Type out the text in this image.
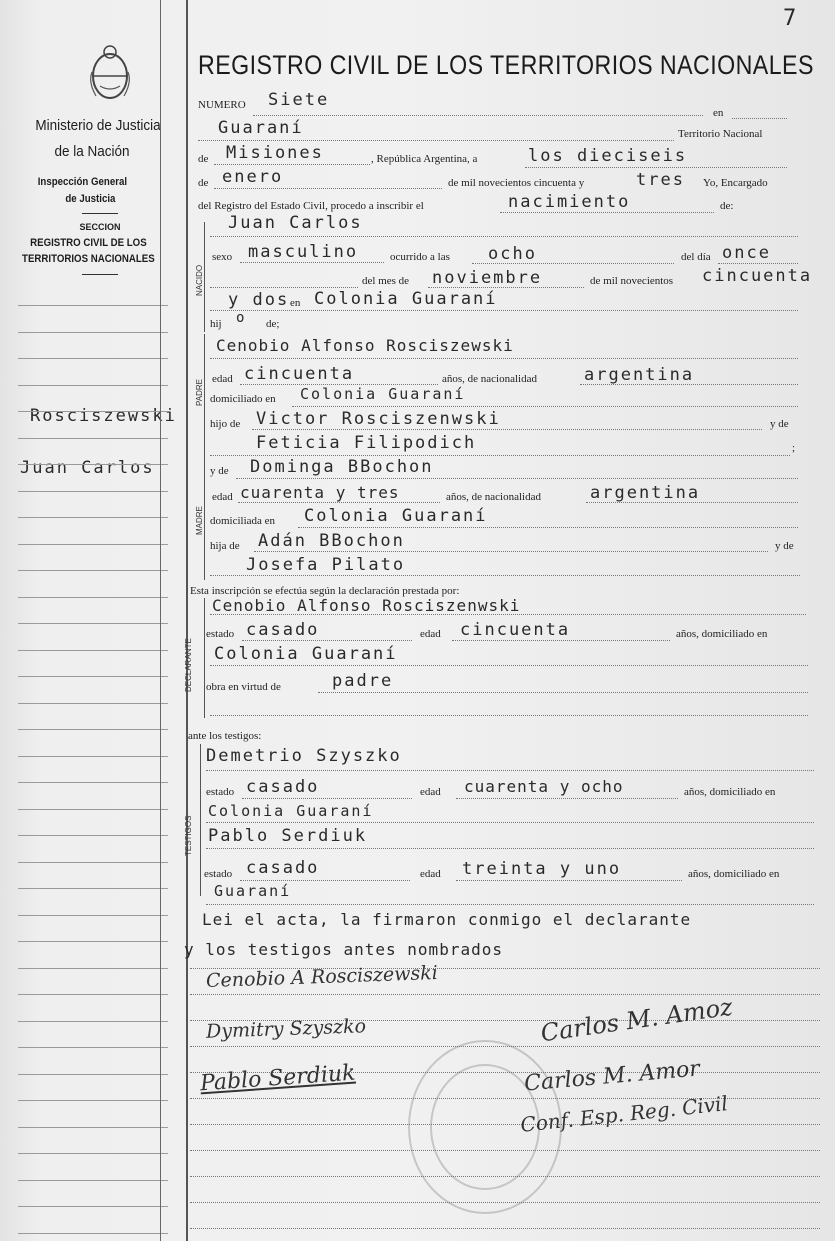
Ministerio de Justicia
de la Nación
Inspección General
de Justicia
SECCION
REGISTRO CIVIL DE LOS
TERRITORIOS NACIONALES
Rosciszewski
Juan Carlos
7
REGISTRO CIVIL DE LOS TERRITORIOS NACIONALES
NUMERO Siete
en
Guaraní	Territorio Nacional
de Misiones	, República Argentina, a	los dieciseis
de enero	de mil novecientos cincuenta y	tres Yo, Encargado
del Registro del Estado Civil, procedo a inscribir el	nacimiento	de:
NACIDO
Juan Carlos
sexo masculino	ocurrido a las ocho	del día once
del mes de noviembre	de mil novecientos cincuenta
y dos en Colonia Guaraní
hij o de;
PADRE
Cenobio Alfonso Rosciszewski
edad cincuenta	años, de nacionalidad	argentina
domiciliado en Colonia Guaraní
hijo de Victor Rosciszenwski	y de
Feticia Filipodich	;
MADRE
y de Dominga BBochon
edad cuarenta y tres	años, de nacionalidad	argentina
domiciliada en Colonia Guaraní
hija de Adán BBochon	y de
Josefa Pilato
Esta inscripción se efectúa según la declaración prestada por:
DECLARANTE
Cenobio Alfonso Rosciszenwski
estado casado	edad cincuenta	años, domiciliado en
Colonia Guaraní
obra en virtud de	padre
ante los testigos:
TESTIGOS
Demetrio Szyszko
estado casado	edad cuarenta y ocho	años, domiciliado en
Colonia Guaraní
Pablo Serdiuk
estado casado	edad treinta y uno	años, domiciliado en
Guaraní
Lei el acta, la firmaron conmigo el declarante
y los testigos antes nombrados
Cenobio A Rosciszewski
Dymitry Szyszko
Pablo Serdiuk
Carlos M. Amoz
Carlos M. Amor
Conf. Esp. Reg. Civil
